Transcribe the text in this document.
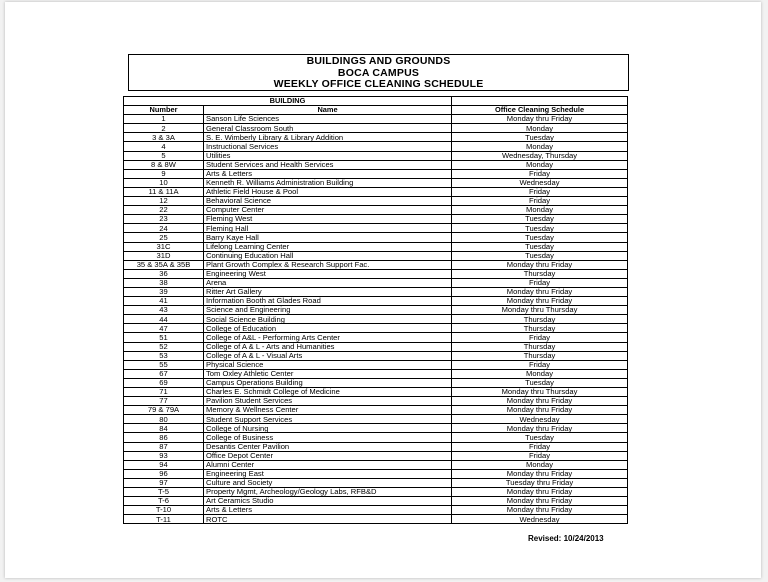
BUILDINGS AND GROUNDS
BOCA CAMPUS
WEEKLY OFFICE CLEANING SCHEDULE
BUILDING		
Number	Name	Office Cleaning Schedule
1	Sanson Life Sciences	Monday thru Friday
2	General Classroom South	Monday
3 & 3A	S. E. Wimberly Library & Library Addition	Tuesday
4	Instructional Services	Monday
5	Utilities	Wednesday, Thursday
8 & 8W	Student Services and Health Services	Monday
9	Arts & Letters	Friday
10	Kenneth R. Williams Administration Building	Wednesday
11 & 11A	Athletic Field House & Pool	Friday
12	Behavioral Science	Friday
22	Computer Center	Monday
23	Fleming West	Tuesday
24	Fleming Hall	Tuesday
25	Barry Kaye Hall	Tuesday
31C	Lifelong Learning Center	Tuesday
31D	Continuing Education Hall	Tuesday
35 & 35A & 35B	Plant Growth Complex & Research Support Fac.	Monday thru Friday
36	Engineering West	Thursday
38	Arena	Friday
39	Ritter Art Gallery	Monday thru Friday
41	Information Booth at Glades Road	Monday thru Friday
43	Science and Engineering	Monday thru Thursday
44	Social Science Building	Thursday
47	College of Education	Thursday
51	College of A&L - Performing Arts Center	Friday
52	College of A & L - Arts and Humanities	Thursday
53	College of A & L - Visual Arts	Thursday
55	Physical Science	Friday
67	Tom Oxley Athletic Center	Monday
69	Campus Operations Building	Tuesday
71	Charles E. Schmidt College of Medicine	Monday thru Thursday
77	Pavilion Student Services	Monday thru Friday
79 & 79A	Memory & Wellness Center	Monday thru Friday
80	Student Support Services	Wednesday
84	College of Nursing	Monday thru Friday
86	College of Business	Tuesday
87	Desantis Center Pavilion	Friday
93	Office Depot Center	Friday
94	Alumni Center	Monday
96	Engineering East	Monday thru Friday
97	Culture and Society	Tuesday thru Friday
T-5	Property Mgmt, Archeology/Geology Labs, RFB&D	Monday thru Friday
T-6	Art Ceramics Studio	Monday thru Friday
T-10	Arts & Letters	Monday thru Friday
T-11	ROTC	Wednesday
Revised: 10/24/2013
